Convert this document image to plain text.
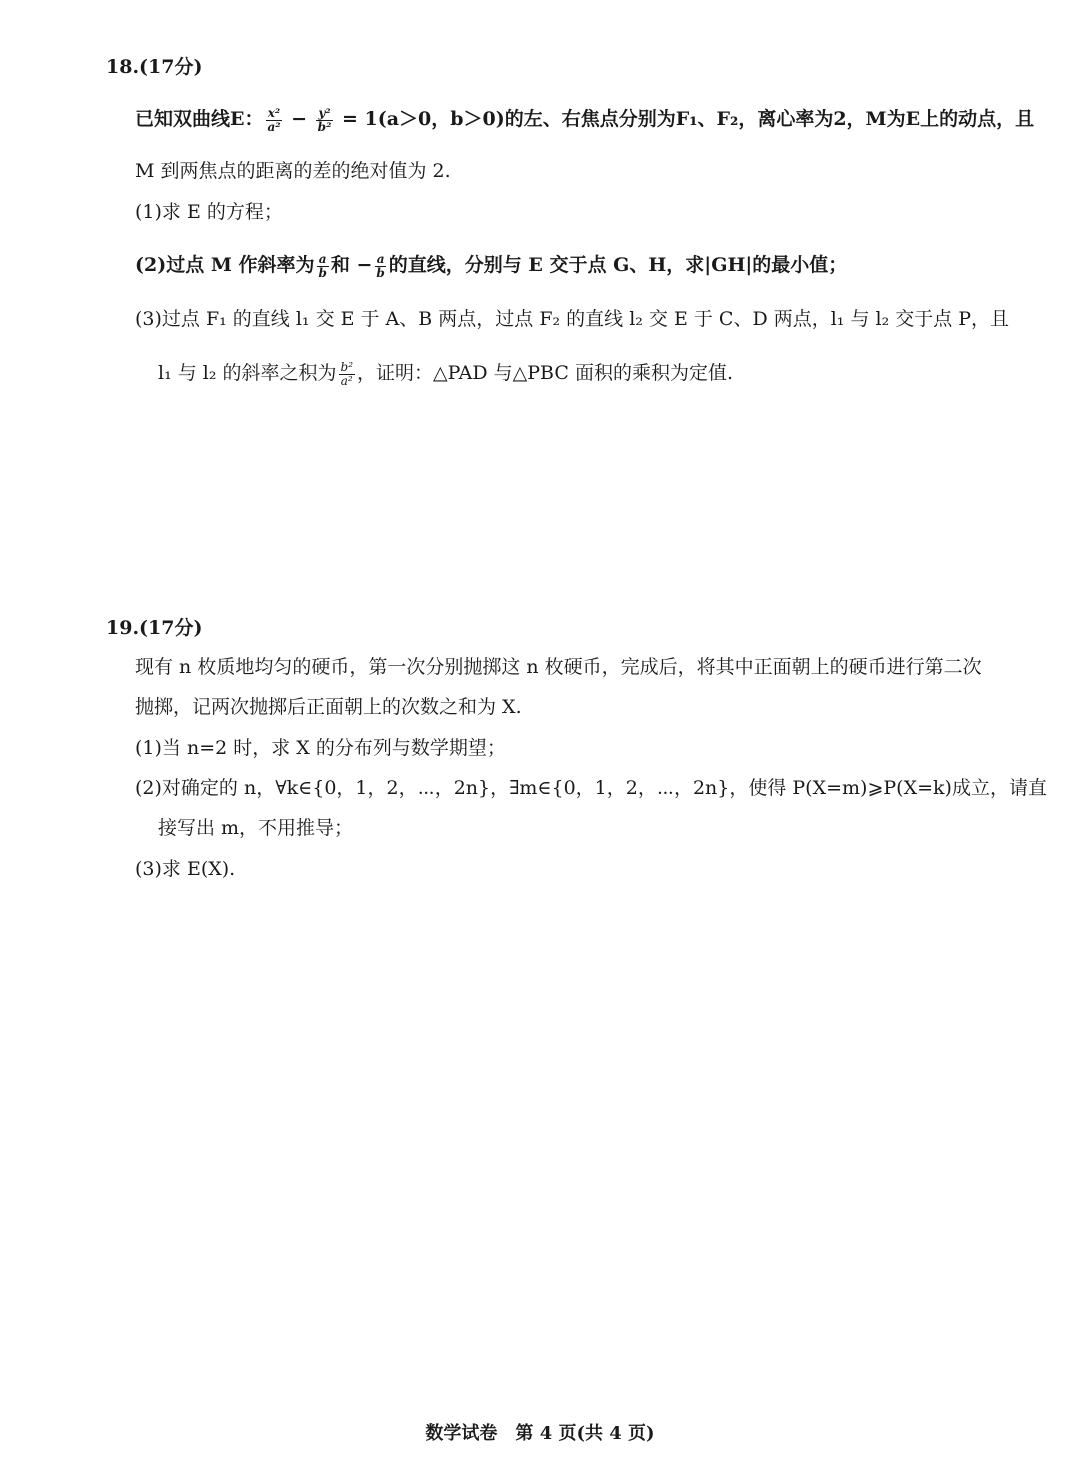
18.(17分)
已知双曲线E： $\frac{\text{x²}}{\text{a²}} - \frac{\text{y²}}{\text{b²}} = 1(a>0$，b＞0)的左、右焦点分别为F₁、F₂，离心率为2，M为E上的动点，且
M 到两焦点的距离的差的绝对值为 2.
(1)求 E 的方程；
(2)过点 M 作斜率为 $\frac{a}{b}$ 和 − $\frac{a}{b}$ 的直线，分别与 E 交于点 G、H，求|GH|的最小值；
(3)过点 F₁ 的直线 l₁ 交 E 于 A、B 两点，过点 F₂ 的直线 l₂ 交 E 于 C、D 两点，l₁ 与 l₂ 交于点 P，且
l₁ 与 l₂ 的斜率之积为 $\frac{\text{b²}}{\text{a²}}$ ，证明：△PAD 与△PBC 面积的乘积为定值.
19.(17分)
现有 n 枚质地均匀的硬币，第一次分别抛掷这 n 枚硬币，完成后，将其中正面朝上的硬币进行第二次
抛掷，记两次抛掷后正面朝上的次数之和为 X.
(1)当 n=2 时，求 X 的分布列与数学期望；
(2)对确定的 n，∀k∈{0，1，2，⋯，2n}，∃m∈{0，1，2，⋯，2n}，使得 P(X=m)⩾P(X=k)成立，请直
接写出 m，不用推导；
(3)求 E(X).
数学试卷　第 4 页(共 4 页)
